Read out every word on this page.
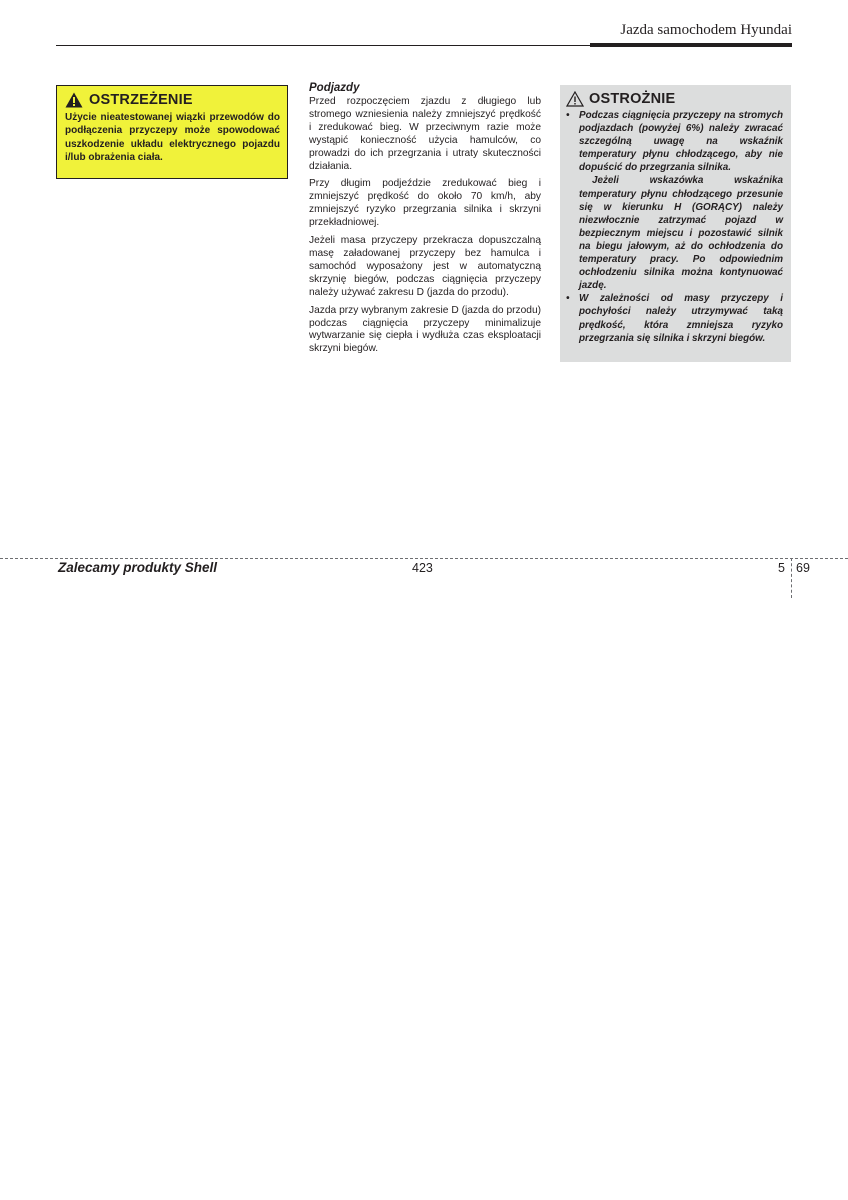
Jazda samochodem Hyundai
OSTRZEŻENIE
Użycie nieatestowanej wiązki przewodów do podłączenia przyczepy może spowodować uszkodzenie układu elektrycznego pojazdu i/lub obrażenia ciała.
Podjazdy

Przed rozpoczęciem zjazdu z długiego lub stromego wzniesienia należy zmniejszyć prędkość i zredukować bieg. W przeciwnym razie może wystąpić konieczność użycia hamulców, co prowadzi do ich przegrzania i utraty skuteczności działania.

Przy długim podjeździe zredukować bieg i zmniejszyć prędkość do około 70 km/h, aby zmniejszyć ryzyko przegrzania silnika i skrzyni przekładniowej.

Jeżeli masa przyczepy przekracza dopuszczalną masę załadowanej przyczepy bez hamulca i samochód wyposażony jest w automatyczną skrzynię biegów, podczas ciągnięcia przyczepy należy używać zakresu D (jazda do przodu).

Jazda przy wybranym zakresie D (jazda do przodu) podczas ciągnięcia przyczepy minimalizuje wytwarzanie się ciepła i wydłuża czas eksploatacji skrzyni biegów.

OSTROŻNIE
• Podczas ciągnięcia przyczepy na stromych podjazdach (powyżej 6%) należy zwracać szczególną uwagę na wskaźnik temperatury płynu chłodzącego, aby nie dopuścić do przegrzania silnika.

Jeżeli wskazówka wskaźnika temperatury płynu chłodzącego przesunie się w kierunku H (GORĄCY) należy niezwłocznie zatrzymać pojazd w bezpiecznym miejscu i pozostawić silnik na biegu jałowym, aż do ochłodzenia do temperatury pracy. Po odpowiednim ochłodzeniu silnika można kontynuować jazdę.

• W zależności od masy przyczepy i pochyłości należy utrzymywać taką prędkość, która zmniejsza ryzyko przegrzania się silnika i skrzyni biegów.

Zalecamy produkty Shell	423	5 69
